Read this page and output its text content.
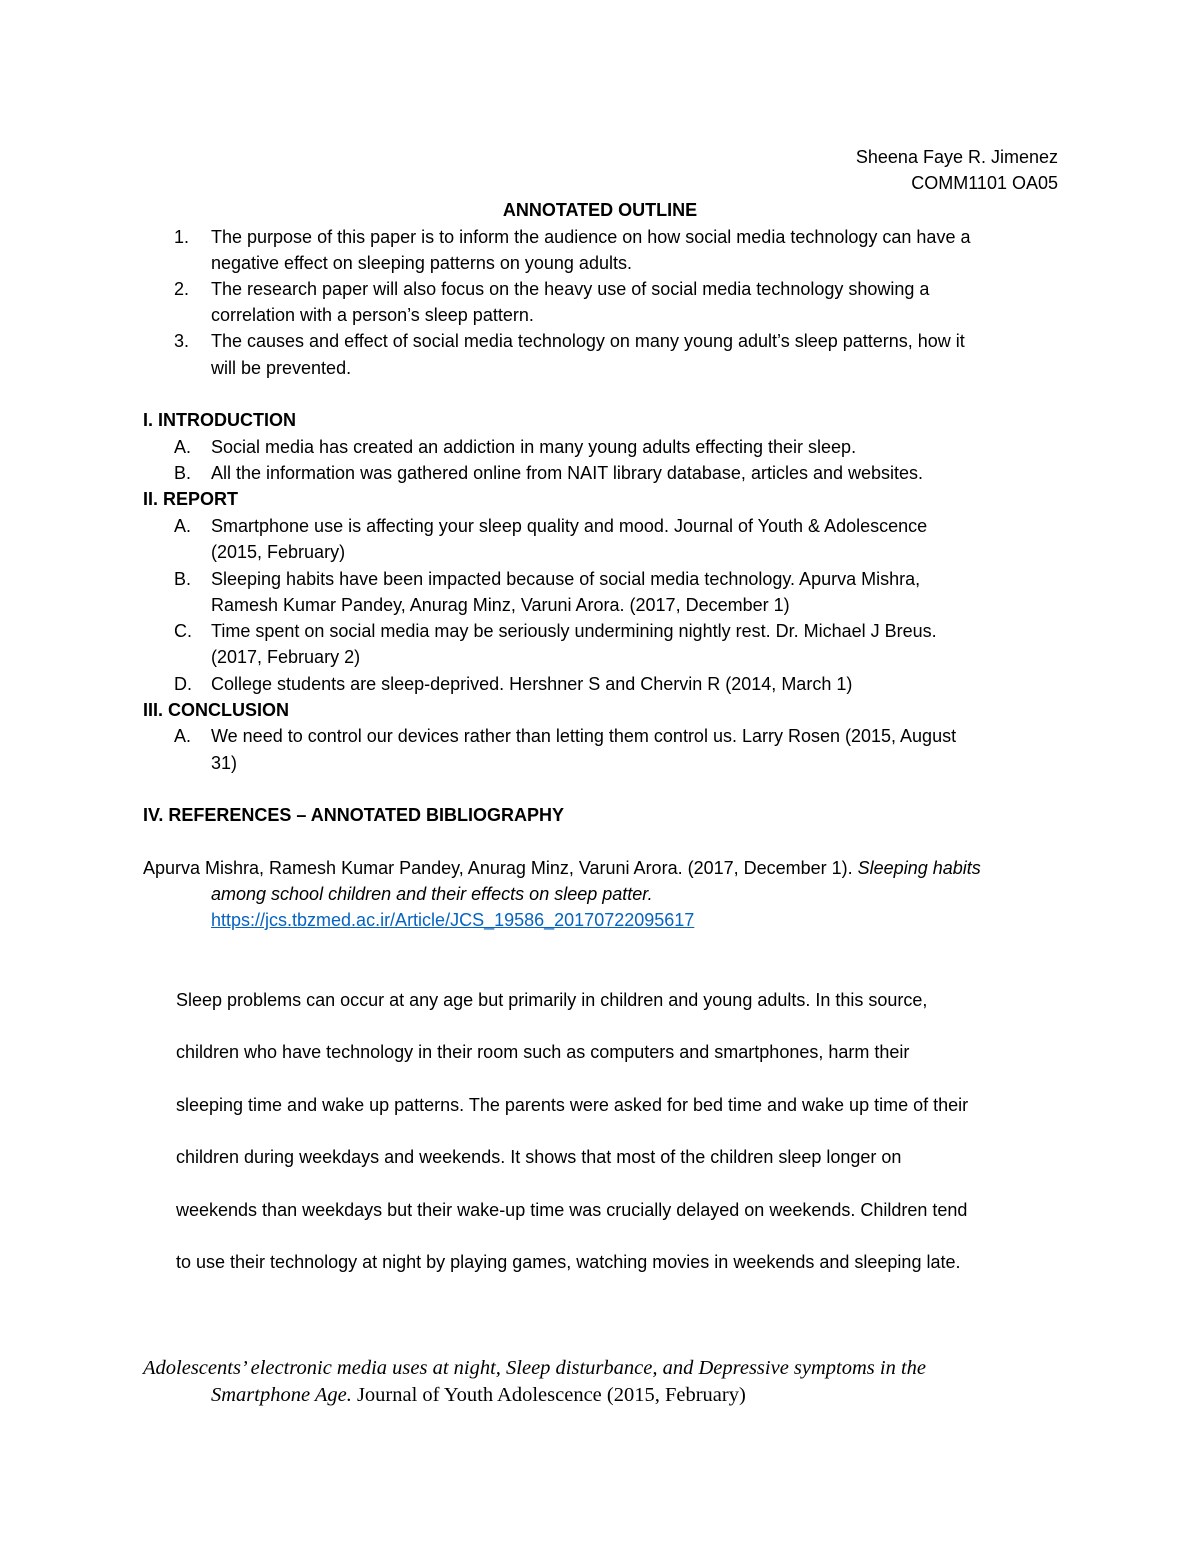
Sheena Faye R. Jimenez
COMM1101 OA05
ANNOTATED OUTLINE
1. The purpose of this paper is to inform the audience on how social media technology can have a
negative effect on sleeping patterns on young adults.
2. The research paper will also focus on the heavy use of social media technology showing a
correlation with a person’s sleep pattern.
3. The causes and effect of social media technology on many young adult’s sleep patterns, how it
will be prevented.
I. INTRODUCTION
A. Social media has created an addiction in many young adults effecting their sleep.
B. All the information was gathered online from NAIT library database, articles and websites.
II. REPORT
A. Smartphone use is affecting your sleep quality and mood. Journal of Youth & Adolescence
(2015, February)
B. Sleeping habits have been impacted because of social media technology. Apurva Mishra,
Ramesh Kumar Pandey, Anurag Minz, Varuni Arora. (2017, December 1)
C. Time spent on social media may be seriously undermining nightly rest. Dr. Michael J Breus.
(2017, February 2)
D. College students are sleep-deprived. Hershner S and Chervin R (2014, March 1)
III. CONCLUSION
A. We need to control our devices rather than letting them control us. Larry Rosen (2015, August
31)
IV. REFERENCES – ANNOTATED BIBLIOGRAPHY
Apurva Mishra, Ramesh Kumar Pandey, Anurag Minz, Varuni Arora. (2017, December 1). Sleeping habits
among school children and their effects on sleep patter.
https://jcs.tbzmed.ac.ir/Article/JCS_19586_20170722095617
Sleep problems can occur at any age but primarily in children and young adults. In this source,
children who have technology in their room such as computers and smartphones, harm their
sleeping time and wake up patterns. The parents were asked for bed time and wake up time of their
children during weekdays and weekends. It shows that most of the children sleep longer on
weekends than weekdays but their wake-up time was crucially delayed on weekends. Children tend
to use their technology at night by playing games, watching movies in weekends and sleeping late.
Adolescents’ electronic media uses at night, Sleep disturbance, and Depressive symptoms in the
Smartphone Age. Journal of Youth Adolescence (2015, February)
